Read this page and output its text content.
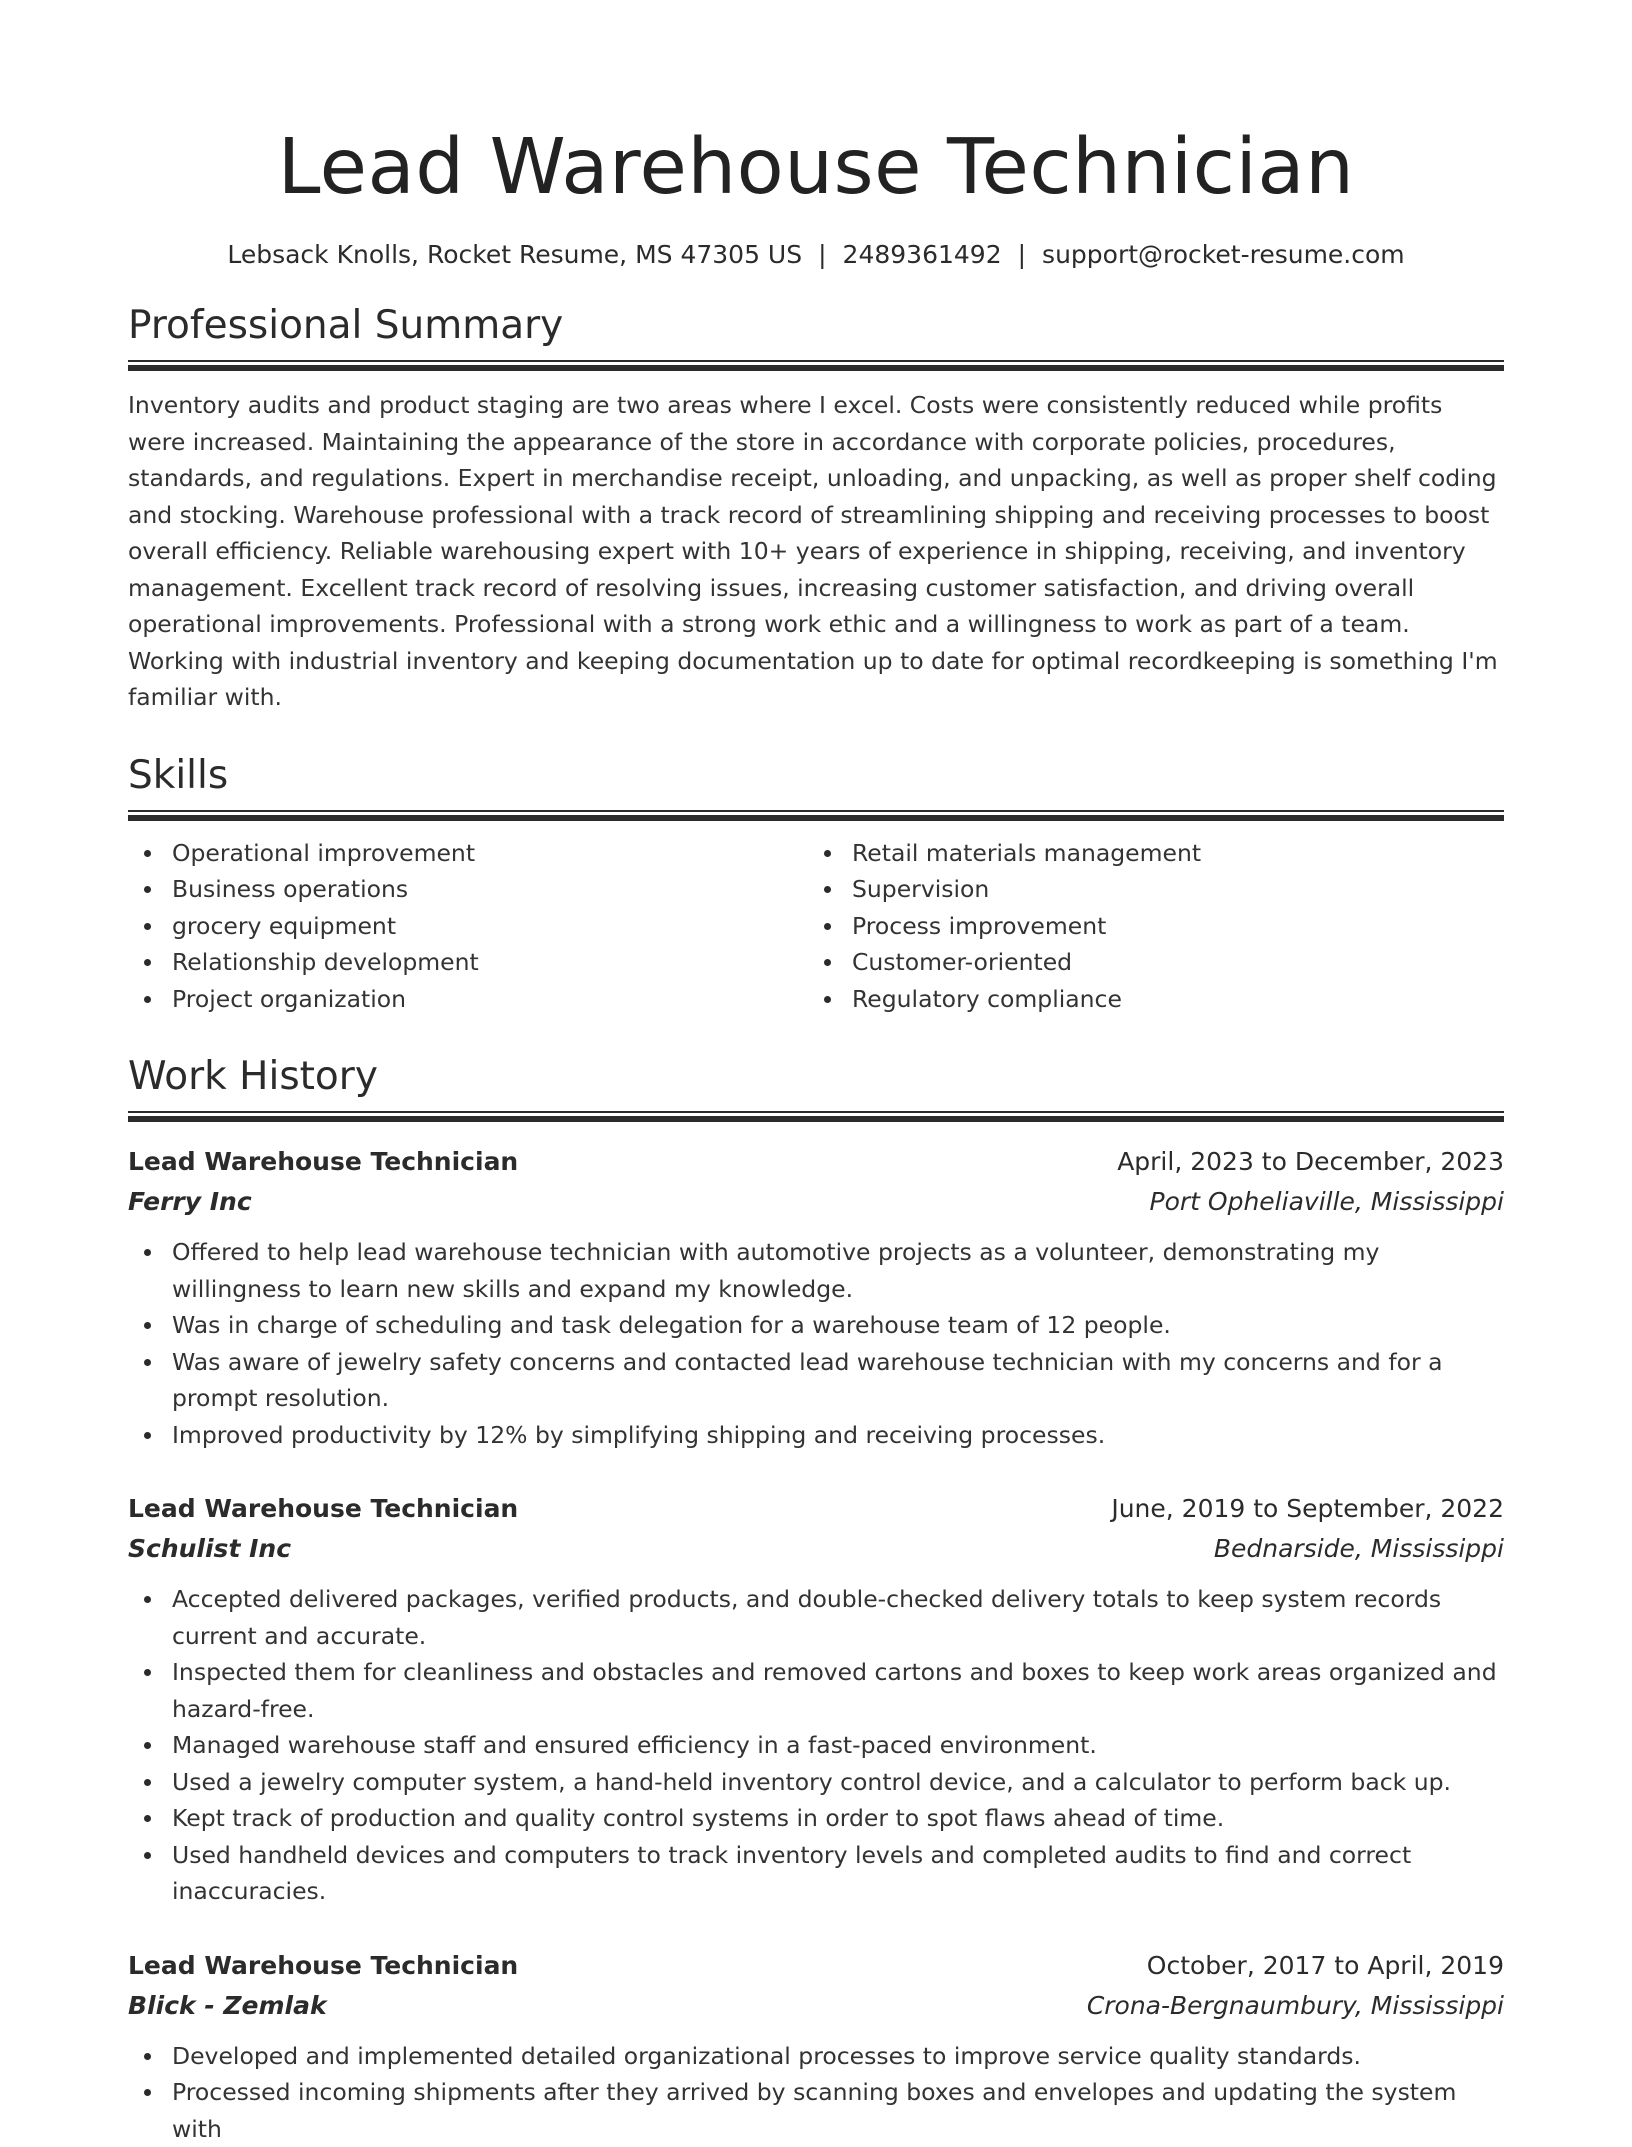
Lead Warehouse Technician
Lebsack Knolls, Rocket Resume, MS 47305 US | 2489361492 | support@rocket-resume.com
Professional Summary
Inventory audits and product staging are two areas where I excel. Costs were consistently reduced while profits were increased. Maintaining the appearance of the store in accordance with corporate policies, procedures, standards, and regulations. Expert in merchandise receipt, unloading, and unpacking, as well as proper shelf coding and stocking. Warehouse professional with a track record of streamlining shipping and receiving processes to boost overall efficiency. Reliable warehousing expert with 10+ years of experience in shipping, receiving, and inventory management. Excellent track record of resolving issues, increasing customer satisfaction, and driving overall operational improvements. Professional with a strong work ethic and a willingness to work as part of a team. Working with industrial inventory and keeping documentation up to date for optimal recordkeeping is something I'm familiar with.
Skills
Operational improvement
Business operations
grocery equipment
Relationship development
Project organization
Retail materials management
Supervision
Process improvement
Customer-oriented
Regulatory compliance
Work History
Lead Warehouse Technician	April, 2023 to December, 2023
Ferry Inc	Port Opheliaville, Mississippi
Offered to help lead warehouse technician with automotive projects as a volunteer, demonstrating my willingness to learn new skills and expand my knowledge.
Was in charge of scheduling and task delegation for a warehouse team of 12 people.
Was aware of jewelry safety concerns and contacted lead warehouse technician with my concerns and for a prompt resolution.
Improved productivity by 12% by simplifying shipping and receiving processes.
Lead Warehouse Technician	June, 2019 to September, 2022
Schulist Inc	Bednarside, Mississippi
Accepted delivered packages, verified products, and double-checked delivery totals to keep system records current and accurate.
Inspected them for cleanliness and obstacles and removed cartons and boxes to keep work areas organized and hazard-free.
Managed warehouse staff and ensured efficiency in a fast-paced environment.
Used a jewelry computer system, a hand-held inventory control device, and a calculator to perform back up.
Kept track of production and quality control systems in order to spot flaws ahead of time.
Used handheld devices and computers to track inventory levels and completed audits to find and correct inaccuracies.
Lead Warehouse Technician	October, 2017 to April, 2019
Blick - Zemlak	Crona-Bergnaumbury, Mississippi
Developed and implemented detailed organizational processes to improve service quality standards.
Processed incoming shipments after they arrived by scanning boxes and envelopes and updating the system with
